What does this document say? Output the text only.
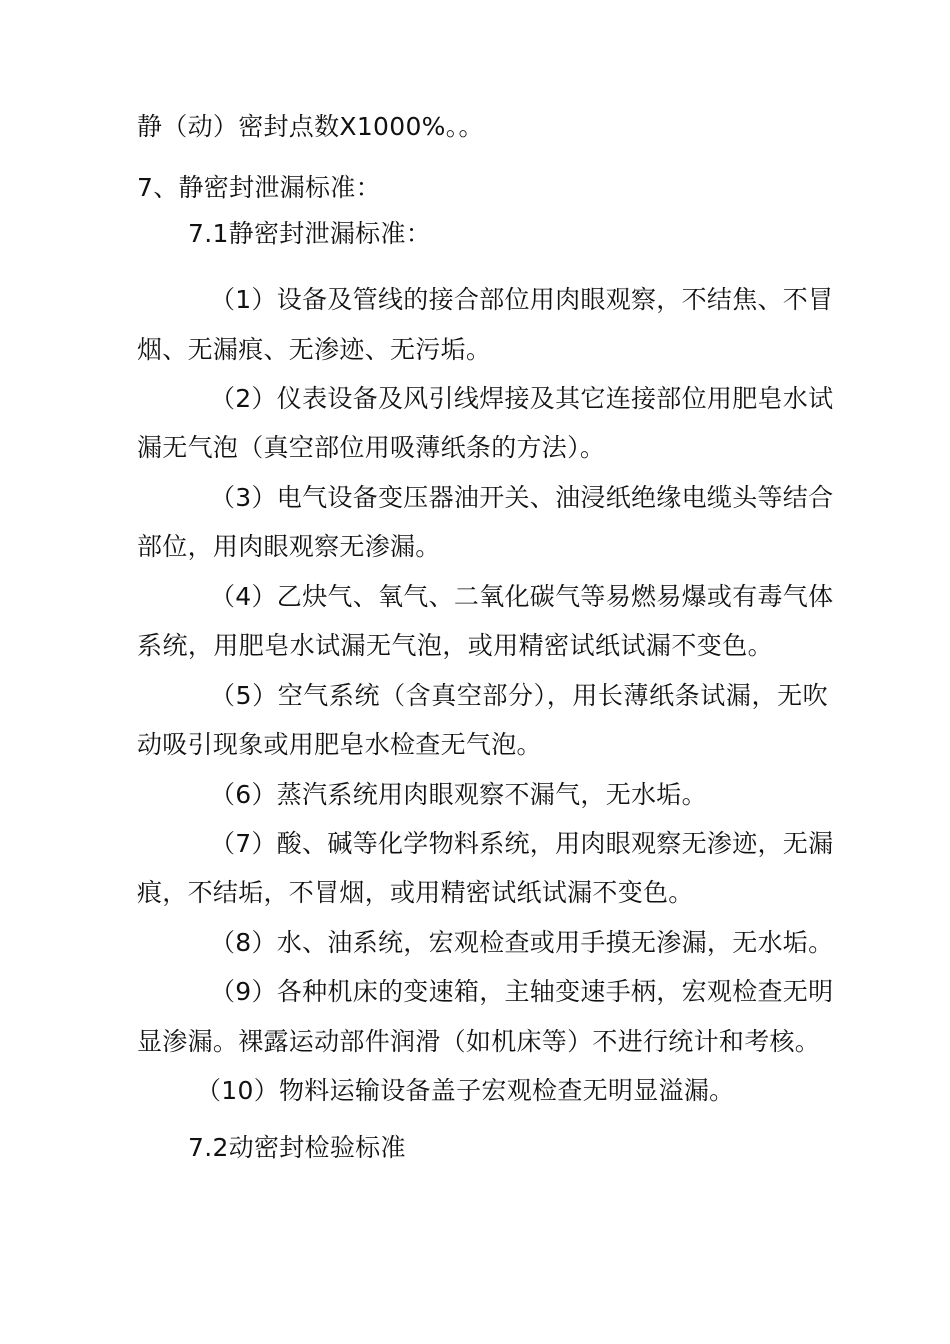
静（动）密封点数X1000%。。
7、静密封泄漏标准：
7.1静密封泄漏标准：
（1）设备及管线的接合部位用肉眼观察，不结焦、不冒
烟、无漏痕、无渗迹、无污垢。
（2）仪表设备及风引线焊接及其它连接部位用肥皂水试
漏无气泡（真空部位用吸薄纸条的方法）。
（3）电气设备变压器油开关、油浸纸绝缘电缆头等结合
部位，用肉眼观察无渗漏。
（4）乙炔气、氧气、二氧化碳气等易燃易爆或有毒气体
系统，用肥皂水试漏无气泡，或用精密试纸试漏不变色。
（5）空气系统（含真空部分），用长薄纸条试漏，无吹
动吸引现象或用肥皂水检查无气泡。
（6）蒸汽系统用肉眼观察不漏气，无水垢。
（7）酸、碱等化学物料系统，用肉眼观察无渗迹，无漏
痕，不结垢，不冒烟，或用精密试纸试漏不变色。
（8）水、油系统，宏观检查或用手摸无渗漏，无水垢。
（9）各种机床的变速箱，主轴变速手柄，宏观检查无明
显渗漏。裸露运动部件润滑（如机床等）不进行统计和考核。
（10）物料运输设备盖子宏观检查无明显溢漏。
7.2动密封检验标准
